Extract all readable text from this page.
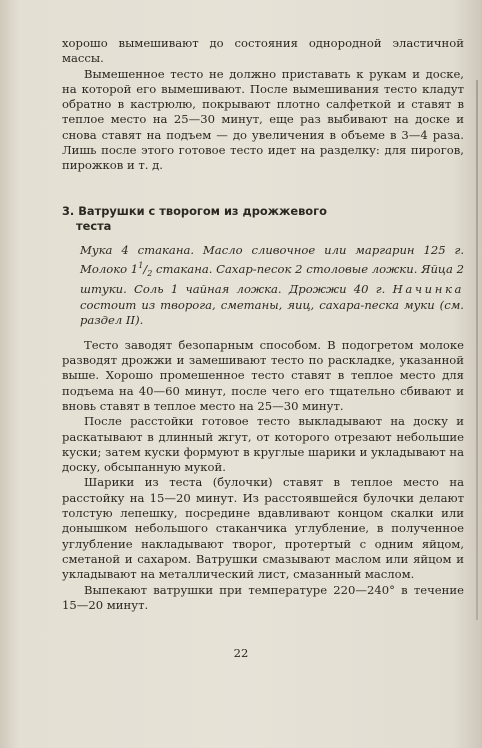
хорошо вымешивают до состояния однородной эластичной массы.

Вымешенное тесто не должно приставать к рукам и доске, на которой его вымешивают. После вымешивания тесто кладут обратно в кастрюлю, покрывают плотно салфеткой и ставят в теплое место на 25—30 минут, еще раз выбивают на доске и снова ставят на подъем — до увеличения в объеме в 3—4 раза. Лишь после этого готовое тесто идет на разделку: для пирогов, пирожков и т. д.

3. Ватрушки с творогом из дрожжевого
теста

Мука 4 стакана. Масло сливочное или маргарин 125 г. Молоко $1^1/_2$ стакана. Сахар-песок 2 столовые ложки. Яйца 2 штуки. Соль 1 чайная ложка. Дрожжи 40 г. Начинка состоит из творога, сметаны, яиц, сахара-песка муки (см. раздел II).

Тесто заводят безопарным способом. В подогретом молоке разводят дрожжи и замешивают тесто по раскладке, указанной выше. Хорошо промешенное тесто ставят в теплое место для подъема на 40—60 минут, после чего его тщательно сбивают и вновь ставят в теплое место на 25—30 минут.

После расстойки готовое тесто выкладывают на доску и раскатывают в длинный жгут, от которого отрезают небольшие куски; затем куски формуют в круглые шарики и укладывают на доску, обсыпанную мукой.

Шарики из теста (булочки) ставят в теплое место на расстойку на 15—20 минут. Из расстоявшейся булочки делают толстую лепешку, посредине вдавливают концом скалки или донышком небольшого стаканчика углубление, в полученное углубление накладывают творог, протертый с одним яйцом, сметаной и сахаром. Ватрушки смазывают маслом или яйцом и укладывают на металлический лист, смазанный маслом.

Выпекают ватрушки при температуре 220—240° в течение 15—20 минут.

22
